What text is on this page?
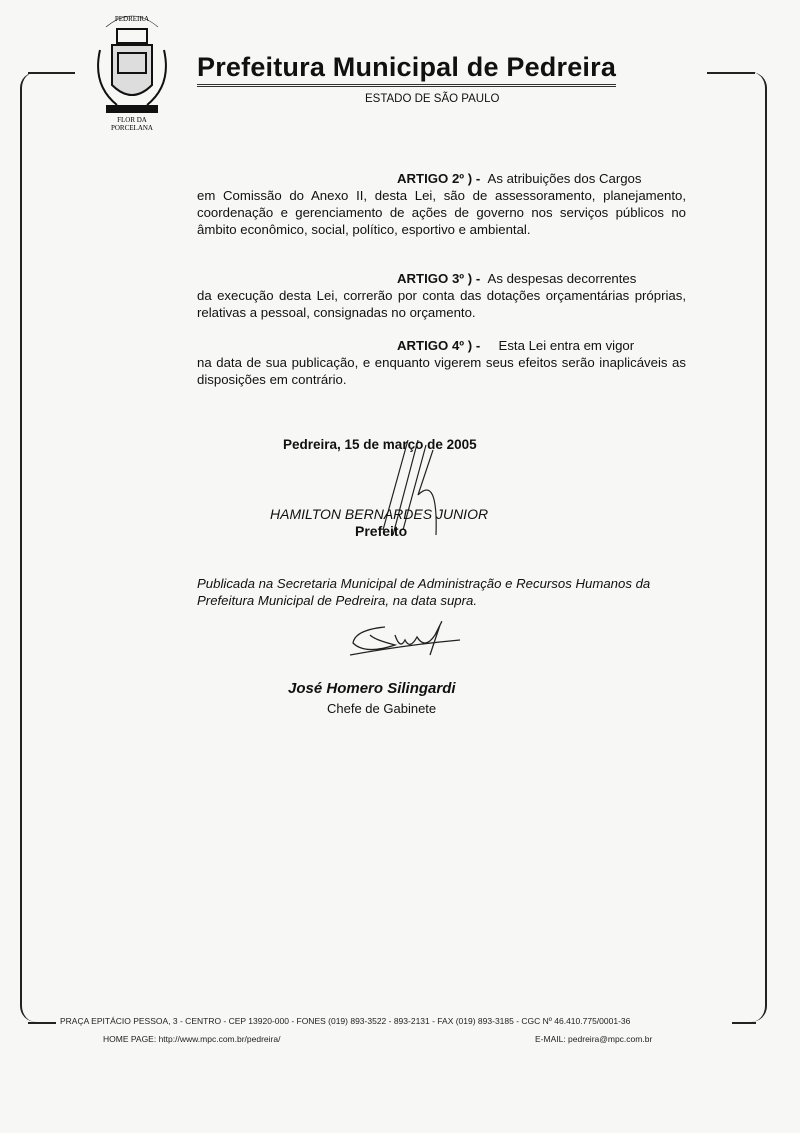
PEDREIRA
FLOR DA
PORCELANA
Prefeitura Municipal de Pedreira
ESTADO DE SÃO PAULO
ARTIGO 2º ) - As atribuições dos Cargos
em Comissão do Anexo II, desta Lei, são de assessoramento, planejamento, coordenação e gerenciamento de ações de governo nos serviços públicos no âmbito econômico, social, político, esportivo e ambiental.
ARTIGO 3º ) - As despesas decorrentes
da execução desta Lei, correrão por conta das dotações orçamentárias próprias, relativas a pessoal, consignadas no orçamento.
ARTIGO 4º ) - Esta Lei entra em vigor
na data de sua publicação, e enquanto vigerem seus efeitos serão inaplicáveis as disposições em contrário.
Pedreira, 15 de março de 2005
HAMILTON BERNARDES JUNIOR
Prefeito
Publicada na Secretaria Municipal de Administração e Recursos Humanos da Prefeitura Municipal de Pedreira, na data supra.
José Homero Silingardi
Chefe de Gabinete
PRAÇA EPITÁCIO PESSOA, 3 - CENTRO - CEP 13920-000 - FONES (019) 893-3522 - 893-2131 - FAX (019) 893-3185 - CGC Nº 46.410.775/0001-36
HOME PAGE: http://www.mpc.com.br/pedreira/	E-MAIL: pedreira@mpc.com.br
